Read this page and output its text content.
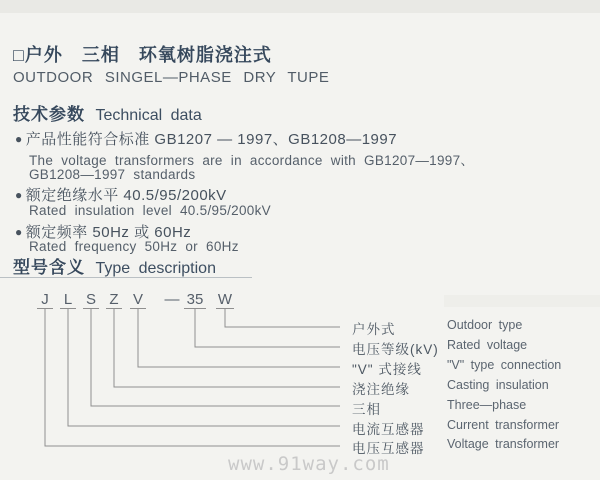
□户外　三相　环氧树脂浇注式
OUTDOOR SINGEL—PHASE DRY TUPE
技术参数 Technical data
● 产品性能符合标准 GB1207 — 1997、GB1208—1997
The voltage transformers are in accordance with GB1207—1997、
GB1208—1997 standards
● 额定绝缘水平 40.5/95/200kV
Rated insulation level 40.5/95/200kV
● 额定频率 50Hz 或 60Hz
Rated frequency 50Hz or 60Hz
型号含义 Type description
J L S Z V — 35 W
户外式	Outdoor type
电压等级(kV) Rated voltage
"V" 式接线 "V" type connection
浇注绝缘	Casting insulation
三相	Three—phase
电流互感器 Current transformer
电压互感器 Voltage transformer
www.91way.com
